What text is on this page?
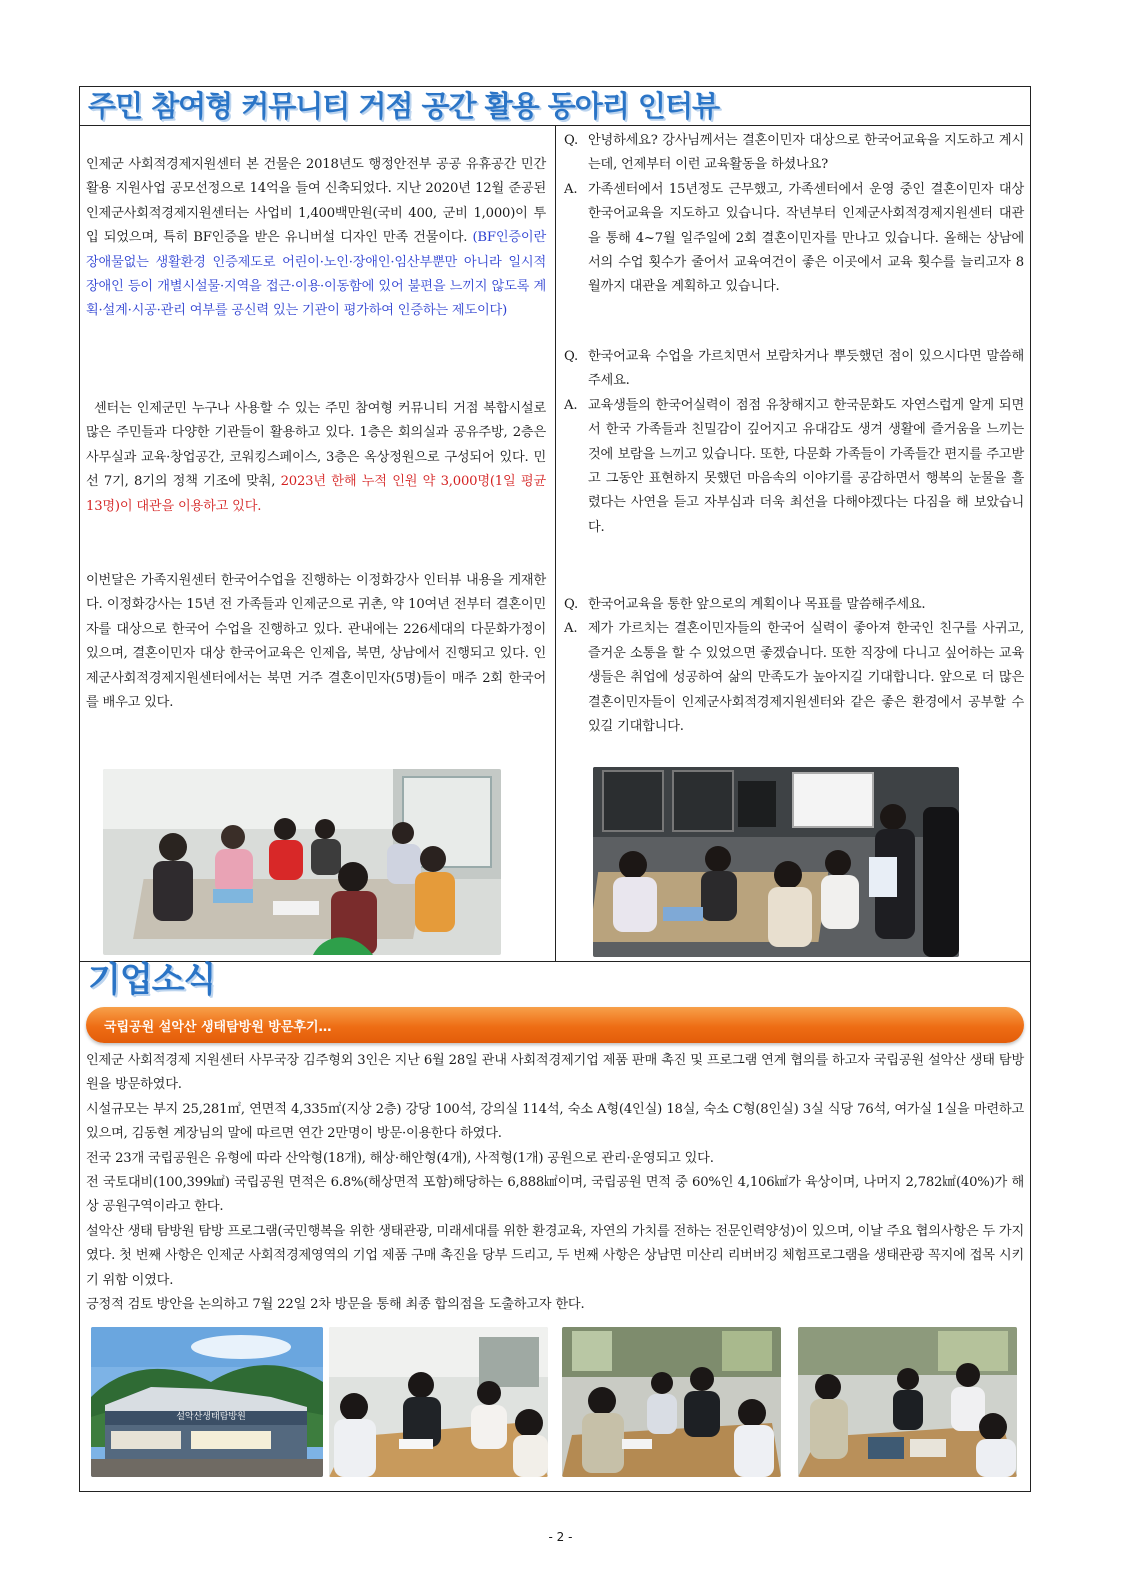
주민 참여형 커뮤니티 거점 공간 활용 동아리 인터뷰
인제군 사회적경제지원센터 본 건물은 2018년도 행정안전부 공공 유휴공간 민간활용 지원사업 공모선정으로 14억을 들여 신축되었다. 지난 2020년 12월 준공된 인제군사회적경제지원센터는 사업비 1,400백만원(국비 400, 군비 1,000)이 투입 되었으며, 특히 BF인증을 받은 유니버설 디자인 만족 건물이다. (BF인증이란 장애물없는 생활환경 인증제도로 어린이·노인·장애인·임산부뿐만 아니라 일시적 장애인 등이 개별시설물·지역을 접근·이용·이동함에 있어 불편을 느끼지 않도록 계획·설계·시공·관리 여부를 공신력 있는 기관이 평가하여 인증하는 제도이다)
센터는 인제군민 누구나 사용할 수 있는 주민 참여형 커뮤니티 거점 복합시설로 많은 주민들과 다양한 기관들이 활용하고 있다. 1층은 회의실과 공유주방, 2층은 사무실과 교육·창업공간, 코워킹스페이스, 3층은 옥상정원으로 구성되어 있다. 민선 7기, 8기의 정책 기조에 맞춰, 2023년 한해 누적 인원 약 3,000명(1일 평균 13명)이 대관을 이용하고 있다.
이번달은 가족지원센터 한국어수업을 진행하는 이정화강사 인터뷰 내용을 게재한다. 이정화강사는 15년 전 가족들과 인제군으로 귀촌, 약 10여년 전부터 결혼이민자를 대상으로 한국어 수업을 진행하고 있다. 관내에는 226세대의 다문화가정이 있으며, 결혼이민자 대상 한국어교육은 인제읍, 북면, 상남에서 진행되고 있다. 인제군사회적경제지원센터에서는 북면 거주 결혼이민자(5명)들이 매주 2회 한국어를 배우고 있다.
Q. 안녕하세요? 강사님께서는 결혼이민자 대상으로 한국어교육을 지도하고 계시는데, 언제부터 이런 교육활동을 하셨나요?
A. 가족센터에서 15년정도 근무했고, 가족센터에서 운영 중인 결혼이민자 대상 한국어교육을 지도하고 있습니다. 작년부터 인제군사회적경제지원센터 대관을 통해 4~7월 일주일에 2회 결혼이민자를 만나고 있습니다. 올해는 상남에서의 수업 횟수가 줄어서 교육여건이 좋은 이곳에서 교육 횟수를 늘리고자 8월까지 대관을 계획하고 있습니다.
Q. 한국어교육 수업을 가르치면서 보람차거나 뿌듯했던 점이 있으시다면 말씀해 주세요.
A. 교육생들의 한국어실력이 점점 유창해지고 한국문화도 자연스럽게 알게 되면서 한국 가족들과 친밀감이 깊어지고 유대감도 생겨 생활에 즐거움을 느끼는것에 보람을 느끼고 있습니다. 또한, 다문화 가족들이 가족들간 편지를 주고받고 그동안 표현하지 못했던 마음속의 이야기를 공감하면서 행복의 눈물을 흘렸다는 사연을 듣고 자부심과 더욱 최선을 다해야겠다는 다짐을 해 보았습니다.
Q. 한국어교육을 통한 앞으로의 계획이나 목표를 말씀해주세요.
A. 제가 가르치는 결혼이민자들의 한국어 실력이 좋아져 한국인 친구를 사귀고, 즐거운 소통을 할 수 있었으면 좋겠습니다. 또한 직장에 다니고 싶어하는 교육생들은 취업에 성공하여 삶의 만족도가 높아지길 기대합니다. 앞으로 더 많은 결혼이민자들이 인제군사회적경제지원센터와 같은 좋은 환경에서 공부할 수 있길 기대합니다.
기업소식
국립공원 설악산 생태탐방원 방문후기…

인제군 사회적경제 지원센터 사무국장 김주형외 3인은 지난 6월 28일 관내 사회적경제기업 제품 판매 촉진 및 프로그램 연계 협의를 하고자 국립공원 설악산 생태 탐방원을 방문하였다.

시설규모는 부지 25,281㎡, 연면적 4,335㎡(지상 2층) 강당 100석, 강의실 114석, 숙소 A형(4인실) 18실, 숙소 C형(8인실) 3실 식당 76석, 여가실 1실을 마련하고 있으며, 김동현 계장님의 말에 따르면 연간 2만명이 방문·이용한다 하였다.

전국 23개 국립공원은 유형에 따라 산악형(18개), 해상·해안형(4개), 사적형(1개) 공원으로 관리·운영되고 있다.

전 국토대비(100,399㎢) 국립공원 면적은 6.8%(해상면적 포함)해당하는 6,888㎢이며, 국립공원 면적 중 60%인 4,106㎢가 육상이며, 나머지 2,782㎢(40%)가 해상 공원구역이라고 한다.

설악산 생태 탐방원 탐방 프로그램(국민행복을 위한 생태관광, 미래세대를 위한 환경교육, 자연의 가치를 전하는 전문인력양성)이 있으며, 이날 주요 협의사항은 두 가지 였다. 첫 번째 사항은 인제군 사회적경제영역의 기업 제품 구매 촉진을 당부 드리고, 두 번째 사항은 상남면 미산리 리버버깅 체험프로그램을 생태관광 꼭지에 접목 시키기 위함 이였다.

긍정적 검토 방안을 논의하고 7월 22일 2차 방문을 통해 최종 합의점을 도출하고자 한다.

설악산생태탐방원
- 2 -
